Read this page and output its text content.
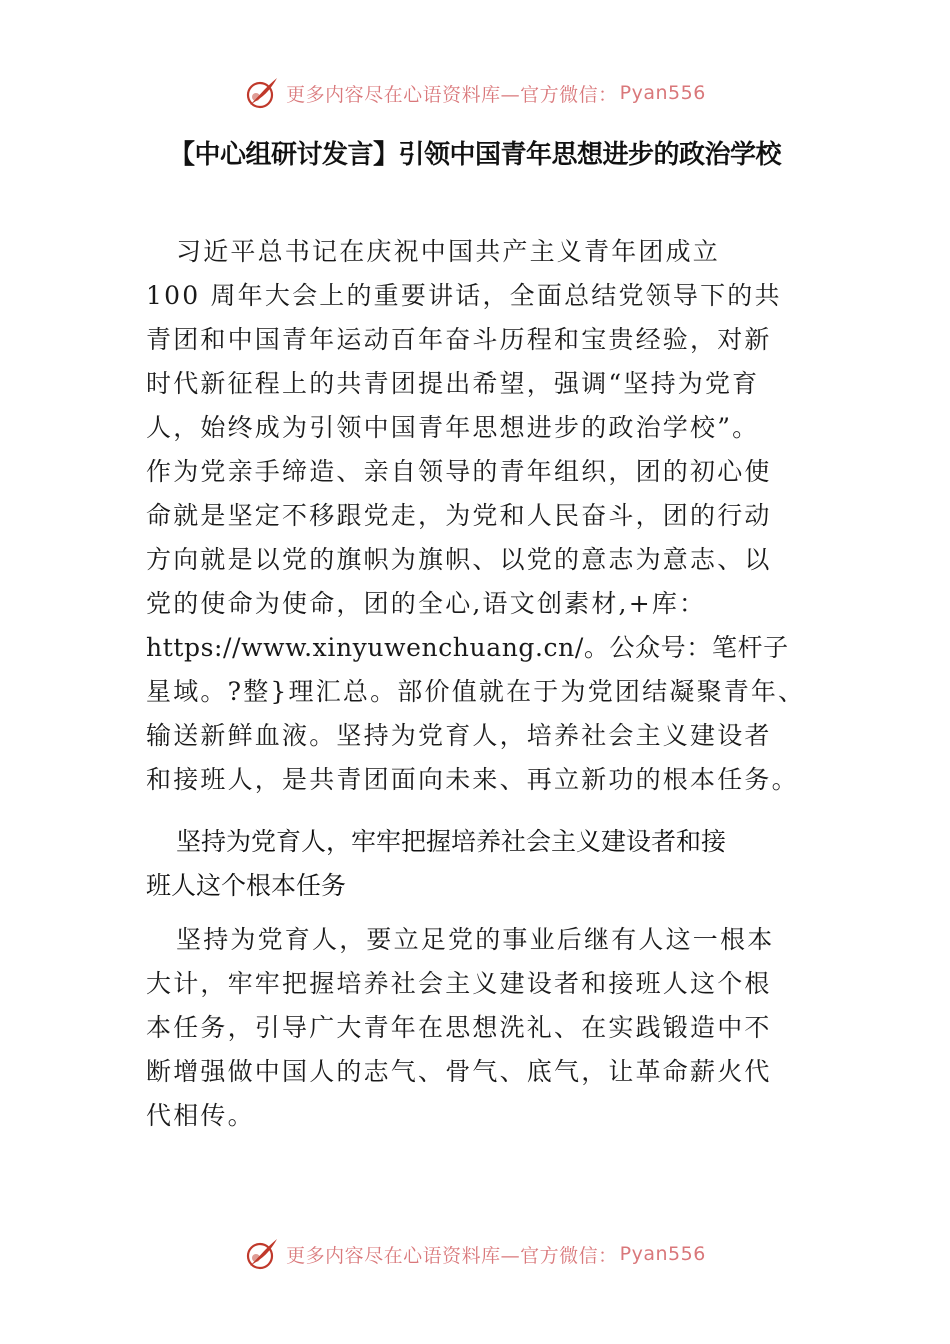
更多内容尽在心语资料库—官方微信： Pyan556
【中心组研讨发言】引领中国青年思想进步的政治学校
习近平总书记在庆祝中国共产主义青年团成立
100 周年大会上的重要讲话，全面总结党领导下的共
青团和中国青年运动百年奋斗历程和宝贵经验，对新
时代新征程上的共青团提出希望，强调“坚持为党育
人，始终成为引领中国青年思想进步的政治学校”。
作为党亲手缔造、亲自领导的青年组织，团的初心使
命就是坚定不移跟党走，为党和人民奋斗，团的行动
方向就是以党的旗帜为旗帜、以党的意志为意志、以
党的使命为使命，团的全心,语文创素材,+库：
https://www.xinyuwenchuang.cn/。公众号：笔杆子
星域。?整}理汇总。部价值就在于为党团结凝聚青年、
输送新鲜血液。坚持为党育人，培养社会主义建设者
和接班人，是共青团面向未来、再立新功的根本任务。
坚持为党育人，牢牢把握培养社会主义建设者和接
班人这个根本任务
坚持为党育人，要立足党的事业后继有人这一根本
大计，牢牢把握培养社会主义建设者和接班人这个根
本任务，引导广大青年在思想洗礼、在实践锻造中不
断增强做中国人的志气、骨气、底气，让革命薪火代
代相传。
更多内容尽在心语资料库—官方微信： Pyan556
